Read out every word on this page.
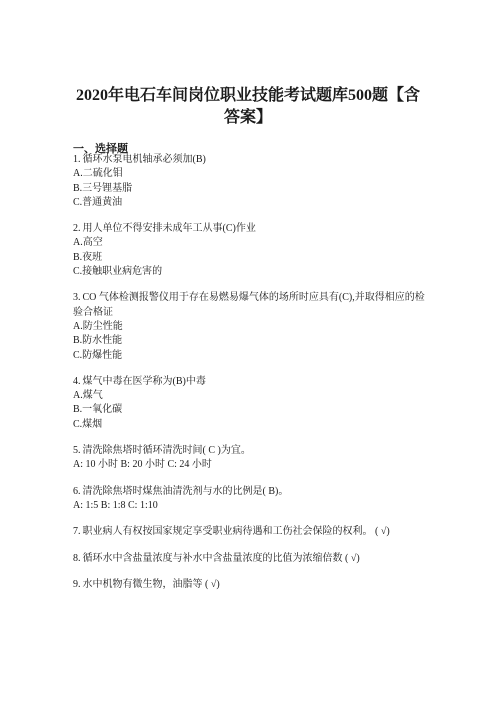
2020年电石车间岗位职业技能考试题库500题【含
答案】
一、选择题
1. 循环水泵电机轴承必须加(B)
A.二硫化钼
B.三号锂基脂
C.普通黄油
2. 用人单位不得安排未成年工从事(C)作业
A.高空
B.夜班
C.接触职业病危害的
3. CO 气体检测报警仪用于存在易燃易爆气体的场所时应具有(C),并取得相应的检验合格证
A.防尘性能
B.防水性能
C.防爆性能
4. 煤气中毒在医学称为(B)中毒
A.煤气
B.一氧化碳
C.煤烟
5. 清洗除焦塔时循环清洗时间( C )为宜。
A: 10 小时 B: 20 小时 C: 24 小时
6. 清洗除焦塔时煤焦油清洗剂与水的比例是( B)。
A: 1:5 B: 1:8 C: 1:10
7. 职业病人有权按国家规定享受职业病待遇和工伤社会保险的权利。 ( √)
8. 循环水中含盐量浓度与补水中含盐量浓度的比值为浓缩倍数 ( √)
9. 水中机物有微生物，油脂等 ( √)
